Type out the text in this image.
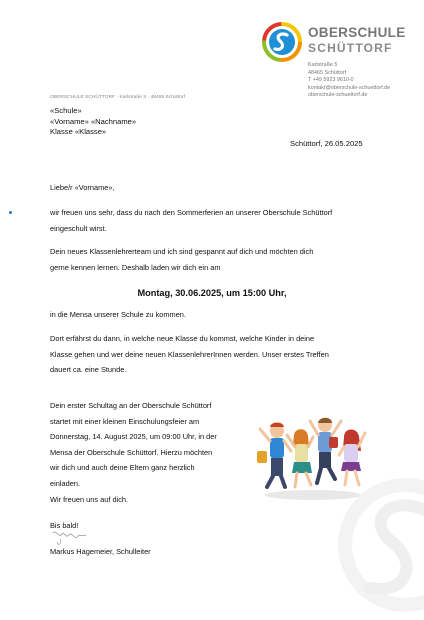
OBERSCHULE
SCHÜTTORF
Karlstraße 5
48465 Schüttorf
T +49 5923 9610-0
kontakt@oberschule-schuettorf.de
oberschule-schuettorf.de
OBERSCHULE SCHÜTTORF · Karlstraße 5 · 48465 Schüttorf
«Schule»
«Vorname» «Nachname»
Klasse «Klasse»
Schüttorf, 26.05.2025
Liebe/r «Vorname»,
wir freuen uns sehr, dass du nach den Sommerferien an unserer Oberschule Schüttorf
eingeschult wirst.
Dein neues Klassenlehrerteam und ich sind gespannt auf dich und möchten dich
gerne kennen lernen. Deshalb laden wir dich ein am
Montag, 30.06.2025, um 15:00 Uhr,
in die Mensa unserer Schule zu kommen.
Dort erfährst du dann, in welche neue Klasse du kommst, welche Kinder in deine
Klasse gehen und wer deine neuen KlassenlehrerInnen werden. Unser erstes Treffen
dauert ca. eine Stunde.
Dein erster Schultag an der Oberschule Schüttorf
startet mit einer kleinen Einschulungsfeier am
Donnerstag, 14. August 2025, um 09:00 Uhr, in der
Mensa der Oberschule Schüttorf. Hierzu möchten
wir dich und auch deine Eltern ganz herzlich
einladen.
Wir freuen uns auf dich.
Bis bald!
Markus Hagemeier, Schulleiter
